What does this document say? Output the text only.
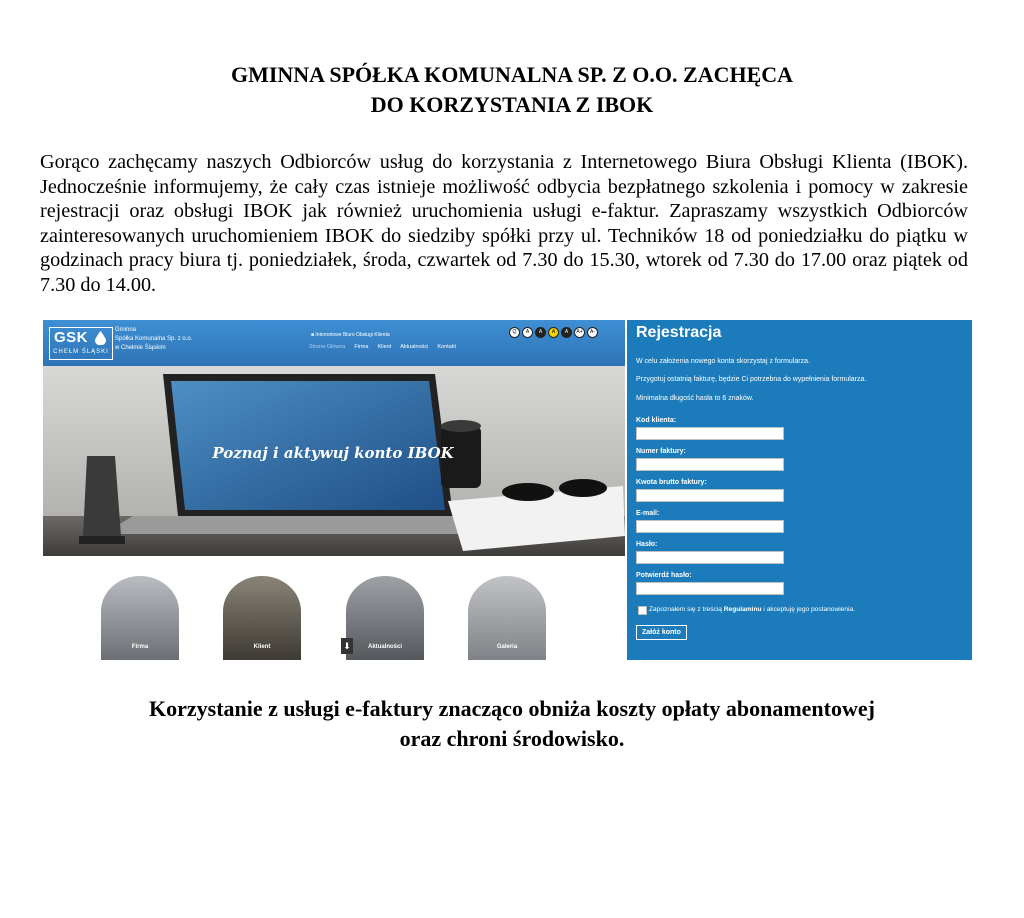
GMINNA SPÓŁKA KOMUNALNA SP. Z O.O. ZACHĘCA
DO KORZYSTANIA Z IBOK

Gorąco zachęcamy naszych Odbiorców usług do korzystania z Internetowego Biura Obsługi Klienta (IBOK). Jednocześnie informujemy, że cały czas istnieje możliwość odbycia bezpłatnego szkolenia i pomocy w zakresie rejestracji oraz obsługi IBOK jak również uruchomienia usługi e-faktur. Zapraszamy wszystkich Odbiorców zainteresowanych uruchomieniem IBOK do siedziby spółki przy ul. Techników 18 od poniedziałku do piątku w godzinach pracy biura tj. poniedziałek, środa, czwartek od 7.30 do 15.30, wtorek od 7.30 do 17.00 oraz piątek od 7.30 do 14.00.

GSK
CHEŁM ŚLĄSKI
Gminna
Spółka Komunalna Sp. z o.o.
w Chełmie Śląskim
■ Internetowe Biuro Obsługi Klienta
Strona Główna Firma Klient Aktualności Kontakt
Q	A	A	A	A	A+	A-
Poznaj i aktywuj konto IBOK
Firma	Klient	Aktualności	Galeria
⬇
Rejestracja
W celu założenia nowego konta skorzystaj z formularza.
Przygotuj ostatnią fakturę, będzie Ci potrzebna do wypełnienia formularza.
Minimalna długość hasła to 6 znaków.
Kod klienta:
Numer faktury:
Kwota brutto faktury:
E-mail:
Hasło:
Potwierdź hasło:
Zapoznałem się z treścią Regulaminu i akceptuję jego postanowienia.
Załóż konto
Korzystanie z usługi e-faktury znacząco obniża koszty opłaty abonamentowej
oraz chroni środowisko.
